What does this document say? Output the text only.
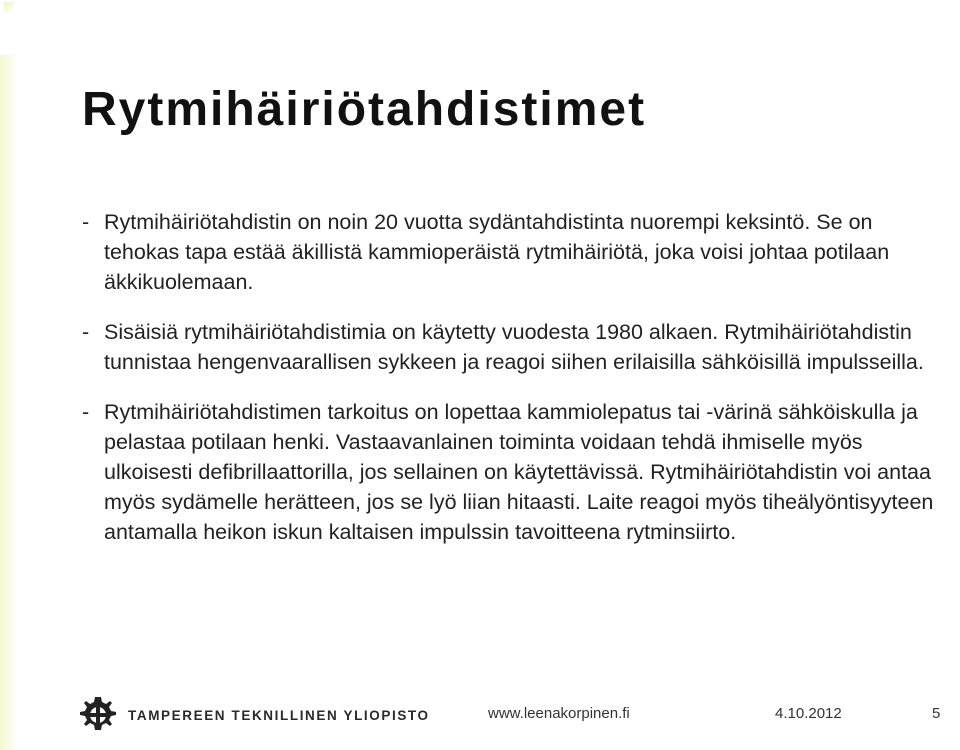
Rytmihäiriötahdistimet
- Rytmihäiriötahdistin on noin 20 vuotta sydäntahdistinta nuorempi keksintö. Se on tehokas tapa estää äkillistä kammioperäistä rytmihäiriötä, joka voisi johtaa potilaan äkkikuolemaan.
- Sisäisiä rytmihäiriötahdistimia on käytetty vuodesta 1980 alkaen. Rytmihäiriötahdistin tunnistaa hengenvaarallisen sykkeen ja reagoi siihen erilaisilla sähköisillä impulsseilla.
- Rytmihäiriötahdistimen tarkoitus on lopettaa kammiolepatus tai -värinä sähköiskulla ja pelastaa potilaan henki. Vastaavanlainen toiminta voidaan tehdä ihmiselle myös ulkoisesti defibrillaattorilla, jos sellainen on käytettävissä. Rytmihäiriötahdistin voi antaa myös sydämelle herätteen, jos se lyö liian hitaasti. Laite reagoi myös tiheälyöntisyyteen antamalla heikon iskun kaltaisen impulssin tavoitteena rytminsiirto.
TAMPEREEN TEKNILLINEN YLIOPISTO	www.leenakorpinen.fi	4.10.2012	5
